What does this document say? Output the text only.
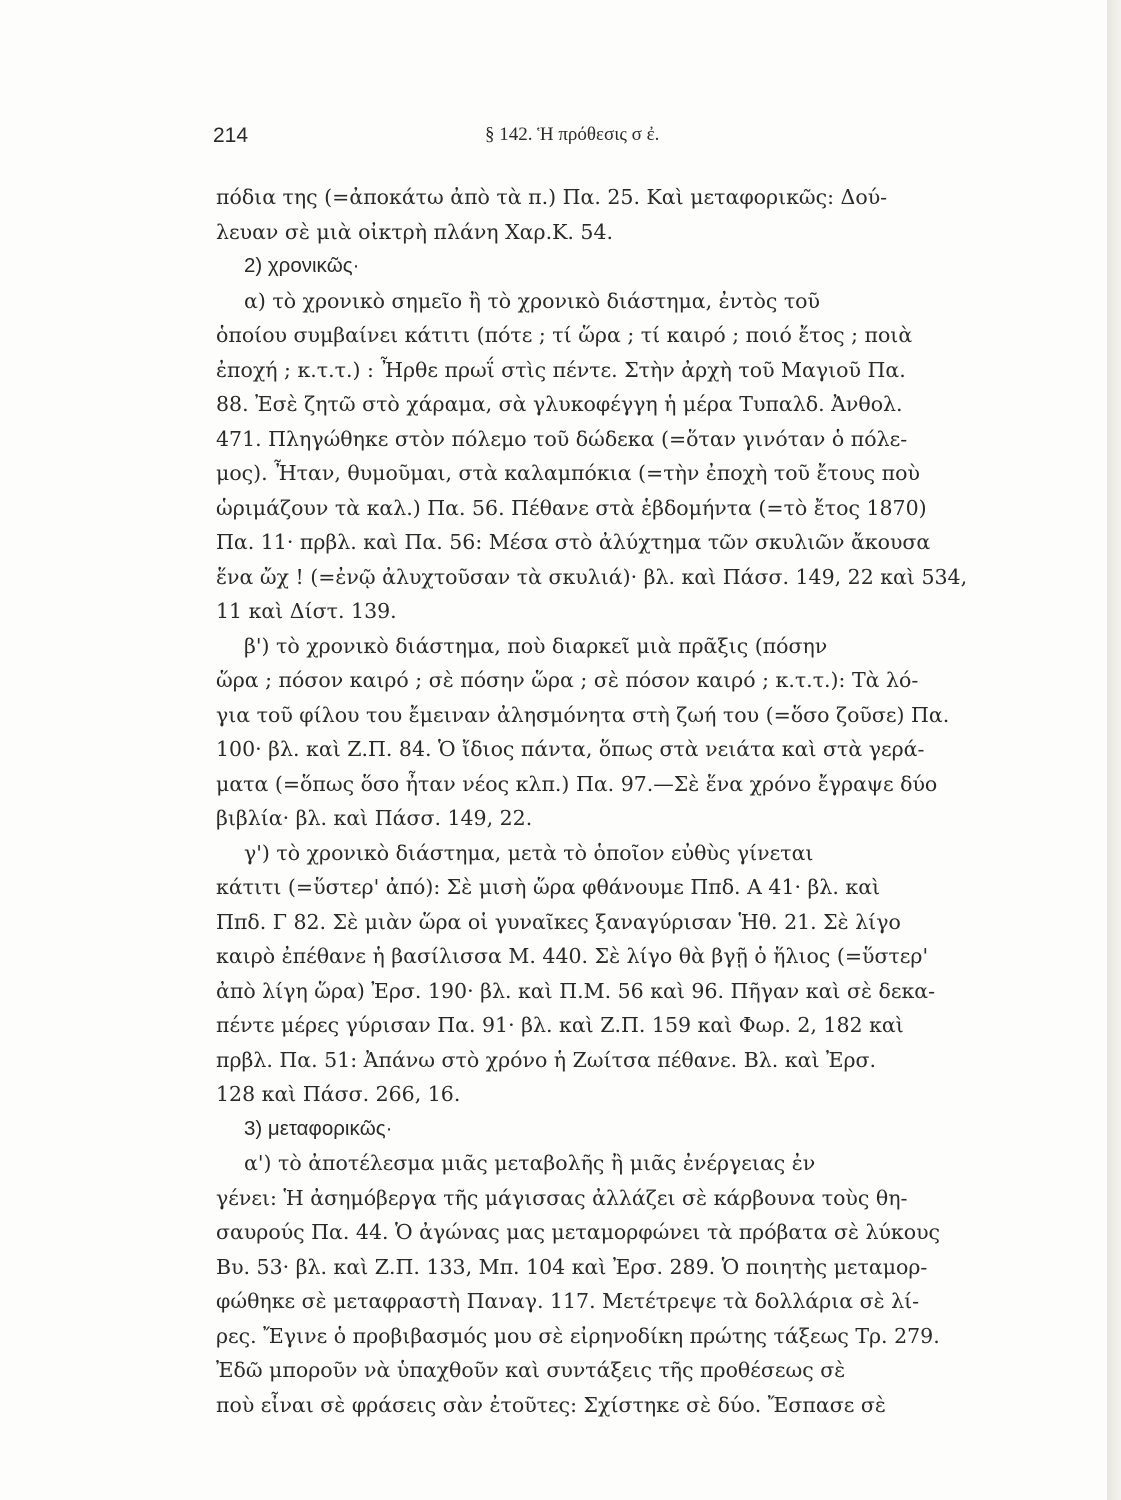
214	§ 142. Ἡ πρόθεσις σ ἐ.
πόδια της (=ἀποκάτω ἀπὸ τὰ π.) Πα. 25. Καὶ μεταφορικῶς: Δού-
λευαν σὲ μιὰ οἰκτρὴ πλάνη Χαρ.Κ. 54.
2) χρονικῶς·
α) τὸ χρονικὸ σημεῖο ἢ τὸ χρονικὸ διάστημα, ἐντὸς τοῦ
ὁποίου συμβαίνει κάτιτι (πότε ; τί ὥρα ; τί καιρό ; ποιό ἔτος ; ποιὰ
ἐποχή ; κ.τ.τ.) : Ἦρθε πρωΐ στὶς πέντε. Στὴν ἀρχὴ τοῦ Μαγιοῦ Πα.
88. Ἐσὲ ζητῶ στὸ χάραμα, σὰ γλυκοφέγγη ἡ μέρα Τυπαλδ. Ἀνθολ.
471. Πληγώθηκε στὸν πόλεμο τοῦ δώδεκα (=ὅταν γινόταν ὁ πόλε-
μος). Ἦταν, θυμοῦμαι, στὰ καλαμπόκια (=τὴν ἐποχὴ τοῦ ἔτους ποὺ
ὡριμάζουν τὰ καλ.) Πα. 56. Πέθανε στὰ ἑβδομήντα (=τὸ ἔτος 1870)
Πα. 11· πρβλ. καὶ Πα. 56: Μέσα στὸ ἀλύχτημα τῶν σκυλιῶν ἄκουσα
ἕνα ὤχ ! (=ἐνῷ ἀλυχτοῦσαν τὰ σκυλιά)· βλ. καὶ Πάσσ. 149, 22 καὶ 534,
11 καὶ Δίστ. 139.
β') τὸ χρονικὸ διάστημα, ποὺ διαρκεῖ μιὰ πρᾶξις (πόσην
ὥρα ; πόσον καιρό ; σὲ πόσην ὥρα ; σὲ πόσον καιρό ; κ.τ.τ.): Τὰ λό-
για τοῦ φίλου του ἔμειναν ἀλησμόνητα στὴ ζωή του (=ὅσο ζοῦσε) Πα.
100· βλ. καὶ Ζ.Π. 84. Ὁ ἴδιος πάντα, ὅπως στὰ νειάτα καὶ στὰ γερά-
ματα (=ὅπως ὅσο ἦταν νέος κλπ.) Πα. 97.—Σὲ ἕνα χρόνο ἔγραψε δύο
βιβλία· βλ. καὶ Πάσσ. 149, 22.
γ') τὸ χρονικὸ διάστημα, μετὰ τὸ ὁποῖον εὐθὺς γίνεται
κάτιτι (=ὕστερ' ἀπό): Σὲ μισὴ ὥρα φθάνουμε Ππδ. Α 41· βλ. καὶ
Ππδ. Γ 82. Σὲ μιὰν ὥρα οἱ γυναῖκες ξαναγύρισαν Ἡθ. 21. Σὲ λίγο
καιρὸ ἐπέθανε ἡ βασίλισσα Μ. 440. Σὲ λίγο θὰ βγῇ ὁ ἥλιος (=ὕστερ'
ἀπὸ λίγη ὥρα) Ἐρσ. 190· βλ. καὶ Π.Μ. 56 καὶ 96. Πῆγαν καὶ σὲ δεκα-
πέντε μέρες γύρισαν Πα. 91· βλ. καὶ Ζ.Π. 159 καὶ Φωρ. 2, 182 καὶ
πρβλ. Πα. 51: Ἀπάνω στὸ χρόνο ἡ Ζωίτσα πέθανε. Βλ. καὶ Ἐρσ.
128 καὶ Πάσσ. 266, 16.
3) μεταφορικῶς·
α') τὸ ἀποτέλεσμα μιᾶς μεταβολῆς ἢ μιᾶς ἐνέργειας ἐν
γένει: Ἡ ἀσημόβεργα τῆς μάγισσας ἀλλάζει σὲ κάρβουνα τοὺς θη-
σαυρούς Πα. 44. Ὁ ἀγώνας μας μεταμορφώνει τὰ πρόβατα σὲ λύκους
Βυ. 53· βλ. καὶ Ζ.Π. 133, Μπ. 104 καὶ Ἐρσ. 289. Ὁ ποιητὴς μεταμορ-
φώθηκε σὲ μεταφραστὴ Παναγ. 117. Μετέτρεψε τὰ δολλάρια σὲ λί-
ρες. Ἔγινε ὁ προβιβασμός μου σὲ εἰρηνοδίκη πρώτης τάξεως Τρ. 279.
Ἐδῶ μποροῦν νὰ ὑπαχθοῦν καὶ συντάξεις τῆς προθέσεως σὲ
ποὺ εἶναι σὲ φράσεις σὰν ἐτοῦτες: Σχίστηκε σὲ δύο. Ἔσπασε σὲ
